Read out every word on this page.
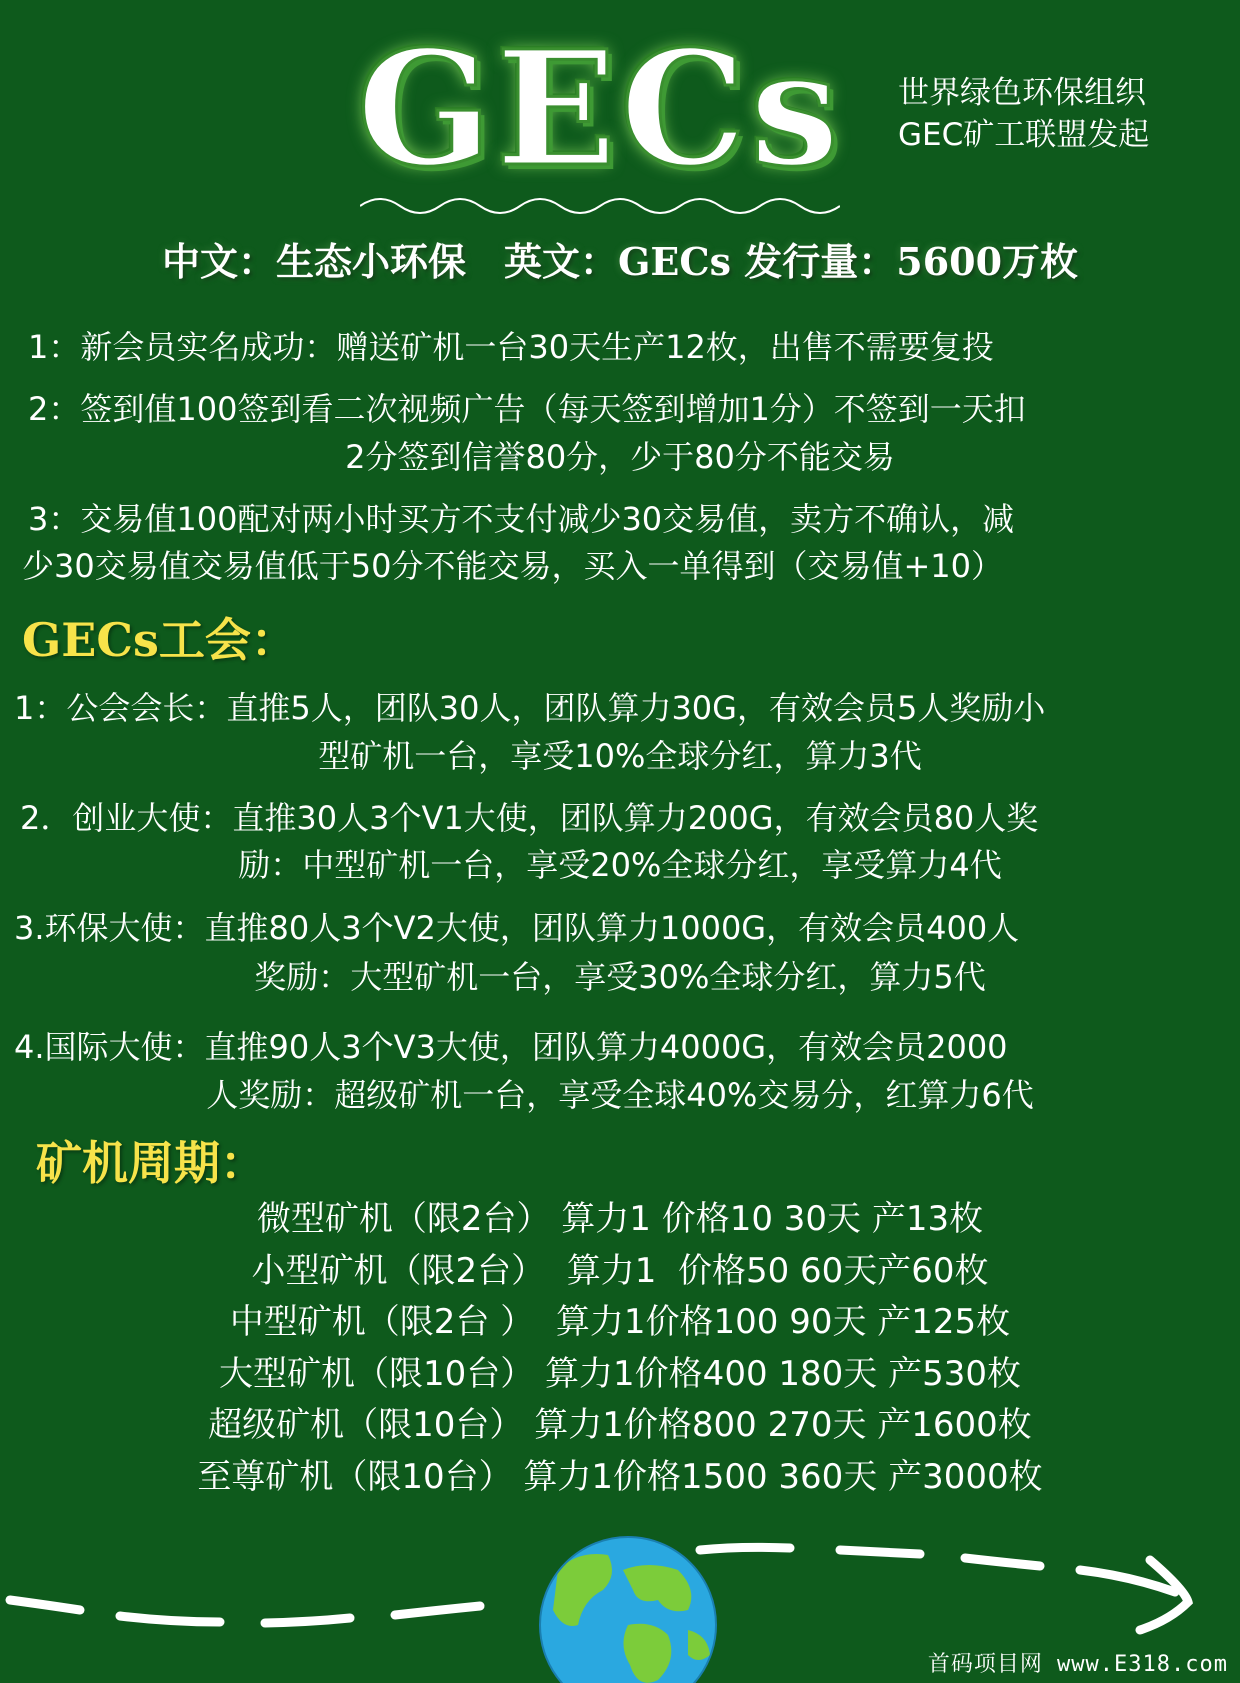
GECs 世界绿色环保组织
GEC矿工联盟发起
中文：生态小环保　英文：GECs 发行量：5600万枚
1：新会员实名成功：赠送矿机一台30天生产12枚，出售不需要复投
2：签到值100签到看二次视频广告（每天签到增加1分）不签到一天扣
2分签到信誉80分，少于80分不能交易
3：交易值100配对两小时买方不支付减少30交易值，卖方不确认，减
少30交易值交易值低于50分不能交易，买入一单得到（交易值+10）
GECs工会：
1：公会会长：直推5人，团队30人，团队算力30G，有效会员5人奖励小
型矿机一台，享受10%全球分红，算力3代
2．创业大使：直推30人3个V1大使，团队算力200G，有效会员80人奖
励：中型矿机一台，享受20%全球分红，享受算力4代
3.环保大使：直推80人3个V2大使，团队算力1000G，有效会员400人
奖励：大型矿机一台，享受30%全球分红，算力5代
4.国际大使：直推90人3个V3大使，团队算力4000G，有效会员2000
人奖励：超级矿机一台，享受全球40%交易分，红算力6代
矿机周期：
微型矿机（限2台） 算力1 价格10 30天 产13枚
小型矿机（限2台）  算力1  价格50 60天产60枚
中型矿机（限2台 ）  算力1价格100 90天 产125枚
大型矿机（限10台） 算力1价格400 180天 产530枚
超级矿机（限10台） 算力1价格800 270天 产1600枚
至尊矿机（限10台） 算力1价格1500 360天 产3000枚
首码项目网 www.E318.com
